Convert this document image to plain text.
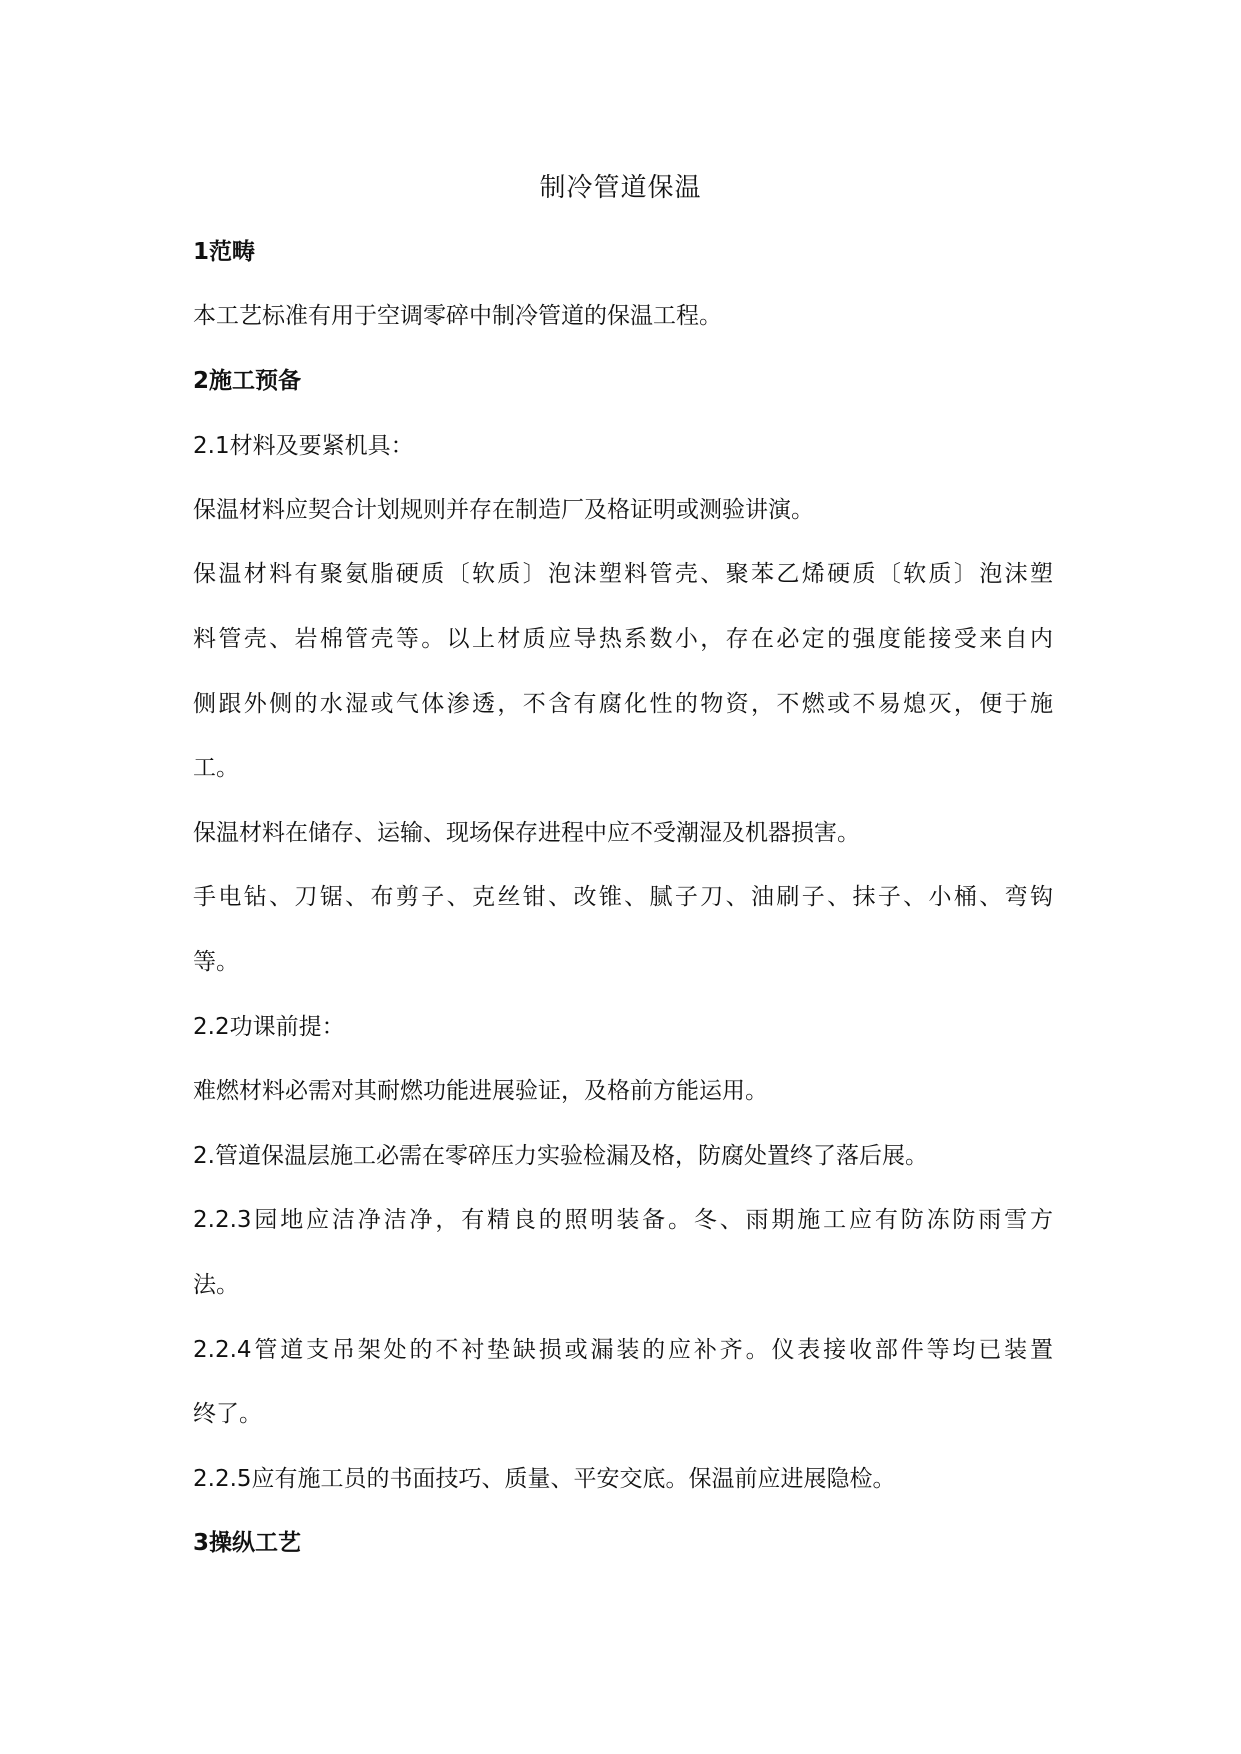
制冷管道保温
1范畴
本工艺标准有用于空调零碎中制冷管道的保温工程。
2施工预备
2.1材料及要紧机具：
保温材料应契合计划规则并存在制造厂及格证明或测验讲演。
保温材料有聚氨脂硬质〔软质〕泡沫塑料管壳、聚苯乙烯硬质〔软质〕泡沫塑
料管壳、岩棉管壳等。以上材质应导热系数小，存在必定的强度能接受来自内
侧跟外侧的水湿或气体渗透，不含有腐化性的物资，不燃或不易熄灭，便于施
工。
保温材料在储存、运输、现场保存进程中应不受潮湿及机器损害。
手电钻、刀锯、布剪子、克丝钳、改锥、腻子刀、油刷子、抹子、小桶、弯钩
等。
2.2功课前提：
难燃材料必需对其耐燃功能进展验证，及格前方能运用。
2.管道保温层施工必需在零碎压力实验检漏及格，防腐处置终了落后展。
2.2.3园地应洁净洁净，有精良的照明装备。冬、雨期施工应有防冻防雨雪方
法。
2.2.4管道支吊架处的不衬垫缺损或漏装的应补齐。仪表接收部件等均已装置
终了。
2.2.5应有施工员的书面技巧、质量、平安交底。保温前应进展隐检。
3操纵工艺
